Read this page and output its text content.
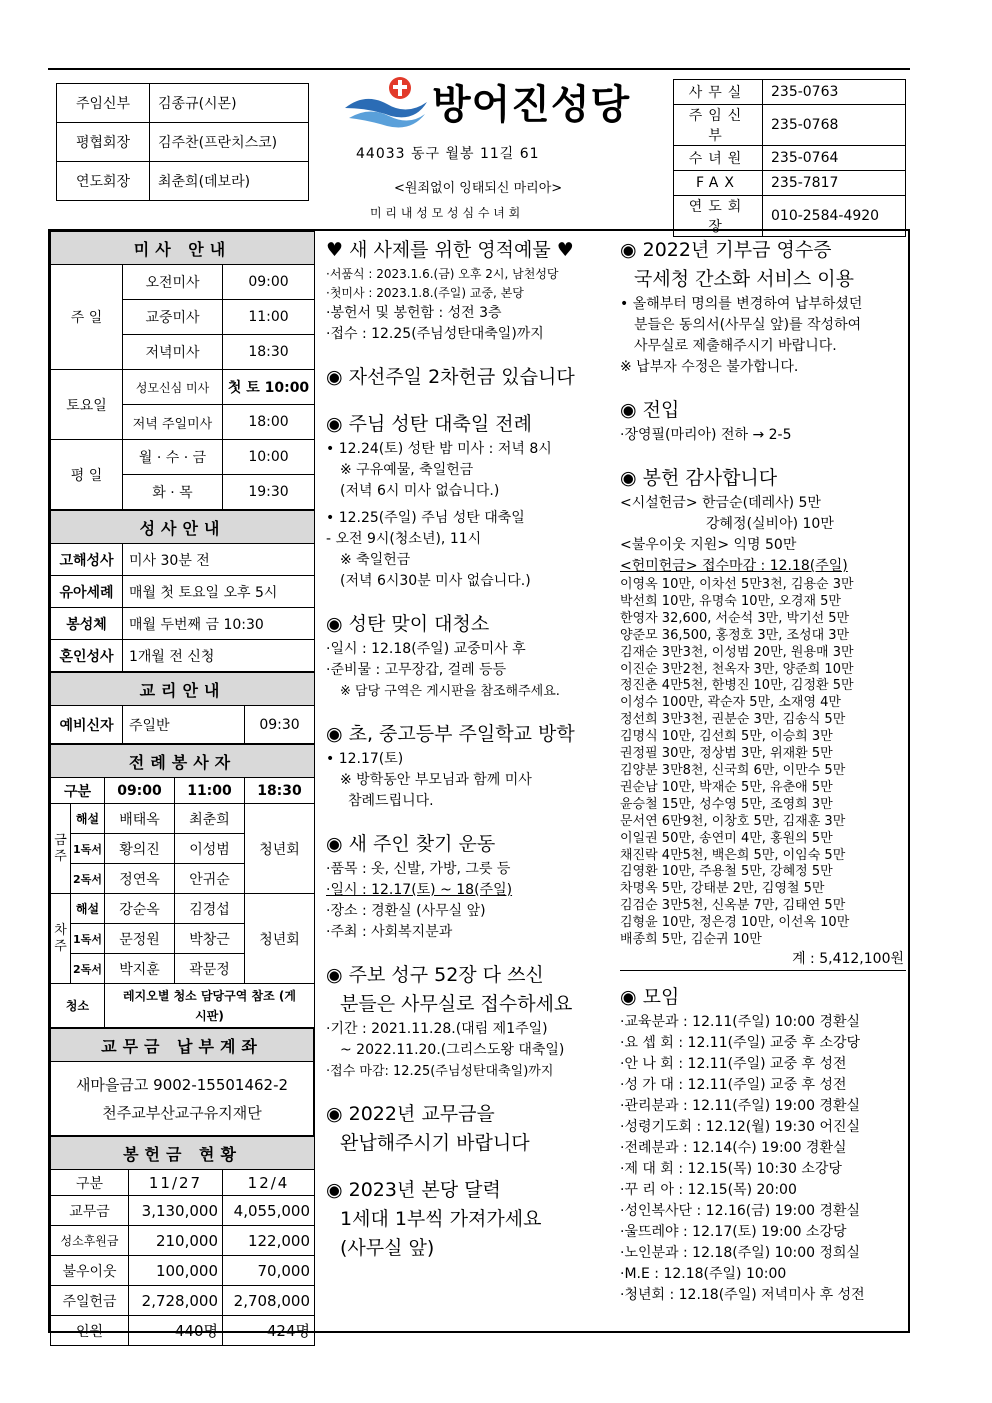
주임신부	김종규(시몬)
평협회장	김주찬(프란치스코)
연도회장	최춘희(데보라)
방어진성당
44033 동구 월봉 11길 61
<원죄없이 잉태되신 마리아>
미 리 내 성 모 성 심 수 녀 회
사무실	235-0763
주임신부	235-0768
수녀원	235-0764
FAX	235-7817
연도회장	010-2584-4920
미사 안내		
주 일	오전미사	09:00
	교중미사	11:00
	저녁미사	18:30
토요일	성모신심 미사	첫 토 10:00
	저녁 주일미사	18:00
평 일	월 · 수 · 금	10:00
	화 · 목	19:30
성사안내	
고해성사	미사 30분 전
유아세례	매월 첫 토요일 오후 5시
봉성체	매월 두번째 금 10:30
혼인성사	1개월 전 신청
교리안내
예비신자	주일반	09:30
전례봉사자				
구분		09:00	11:00	18:30
금 주	해설	배태옥	최춘희	청년회
	1독서	황의진	이성범	
	2독서	정연옥	안귀순	
차 주	해설	강순옥	김경섭	청년회
	1독서	문정원	박창근	
	2독서	박지훈	곽문정	
청소		레지오별 청소 담당구역 참조 (게시판)		
교무금 납부계좌

새마을금고 9002-15501462-2
천주교부산교구유지재단
봉헌금 현황		
구분	11/27	12/4
교무금	3,130,000	4,055,000
성소후원금	210,000	122,000
불우이웃	100,000	70,000
주일헌금	2,728,000	2,708,000
인원	440명	424명
♥ 새 사제를 위한 영적예물 ♥
·서품식 : 2023.1.6.(금) 오후 2시, 남천성당
·첫미사 : 2023.1.8.(주일) 교중, 본당
·봉헌서 및 봉헌함 : 성전 3층
·접수 : 12.25(주님성탄대축일)까지
◉ 자선주일 2차헌금 있습니다
◉ 주님 성탄 대축일 전례
• 12.24(토) 성탄 밤 미사 : 저녁 8시
※ 구유예물, 축일헌금
(저녁 6시 미사 없습니다.)
• 12.25(주일) 주님 성탄 대축일
- 오전 9시(청소년), 11시
※ 축일헌금
(저녁 6시30분 미사 없습니다.)
◉ 성탄 맞이 대청소
·일시 : 12.18(주일) 교중미사 후
·준비물 : 고무장갑, 걸레 등등
※ 담당 구역은 게시판을 참조해주세요.
◉ 초, 중고등부 주일학교 방학
• 12.17(토)
※ 방학동안 부모님과 함께 미사
참례드립니다.
◉ 새 주인 찾기 운동
·품목 : 옷, 신발, 가방, 그릇 등
·일시 : 12.17(토) ~ 18(주일)
·장소 : 경환실 (사무실 앞)
·주최 : 사회복지분과
◉ 주보 성구 52장 다 쓰신
분들은 사무실로 접수하세요
·기간 : 2021.11.28.(대림 제1주일)
~ 2022.11.20.(그리스도왕 대축일)
·접수 마감: 12.25(주님성탄대축일)까지
◉ 2022년 교무금을
완납해주시기 바랍니다
◉ 2023년 본당 달력
1세대 1부씩 가져가세요
(사무실 앞)
◉ 2022년 기부금 영수증
국세청 간소화 서비스 이용
• 올해부터 명의를 변경하여 납부하셨던
분들은 동의서(사무실 앞)를 작성하여
사무실로 제출해주시기 바랍니다.
※ 납부자 수정은 불가합니다.
◉ 전입
·장영필(마리아) 전하 → 2-5
◉ 봉헌 감사합니다
<시설헌금> 한금순(데레사) 5만
강혜정(실비아) 10만
<불우이웃 지원> 익명 50만
<헌미헌금> 접수마감 : 12.18(주일)
이영옥 10만, 이차선 5만3천, 김용순 3만
박선희 10만, 유명숙 10만, 오경재 5만
한영자 32,600, 서순석 3만, 박기선 5만
양준모 36,500, 홍정호 3만, 조성대 3만
김재순 3만3천, 이성범 20만, 원용매 3만
이진순 3만2천, 천옥자 3만, 양준희 10만
정진춘 4만5천, 한병진 10만, 김정환 5만
이성수 100만, 곽순자 5만, 소재영 4만
정선희 3만3천, 권분순 3만, 김송식 5만
김명식 10만, 김선희 5만, 이승희 3만
권정필 30만, 정상범 3만, 위재환 5만
김양분 3만8천, 신국희 6만, 이만수 5만
권순남 10만, 박재순 5만, 유춘애 5만
윤승철 15만, 성수영 5만, 조영희 3만
문서연 6만9천, 이창호 5만, 김재훈 3만
이일권 50만, 송연미 4만, 홍원의 5만
채진락 4만5천, 백은희 5만, 이임숙 5만
김영환 10만, 주용철 5만, 강혜정 5만
차명옥 5만, 강태분 2만, 김영철 5만
김검순 3만5천, 신옥분 7만, 김태연 5만
김형윤 10만, 정은경 10만, 이선옥 10만
배종희 5만, 김순귀 10만
계 : 5,412,100원
◉ 모임
·교육분과 : 12.11(주일) 10:00 경환실
·요 셉 회 : 12.11(주일) 교중 후 소강당
·안 나 회 : 12.11(주일) 교중 후 성전
·성 가 대 : 12.11(주일) 교중 후 성전
·관리분과 : 12.11(주일) 19:00 경환실
·성령기도회 : 12.12(월) 19:30 어진실
·전례분과 : 12.14(수) 19:00 경환실
·제 대 회 : 12.15(목) 10:30 소강당
·꾸 리 아 : 12.15(목) 20:00
·성인복사단 : 12.16(금) 19:00 경환실
·울뜨레야 : 12.17(토) 19:00 소강당
·노인분과 : 12.18(주일) 10:00 정희실
·M.E : 12.18(주일) 10:00
·청년회 : 12.18(주일) 저녁미사 후 성전
